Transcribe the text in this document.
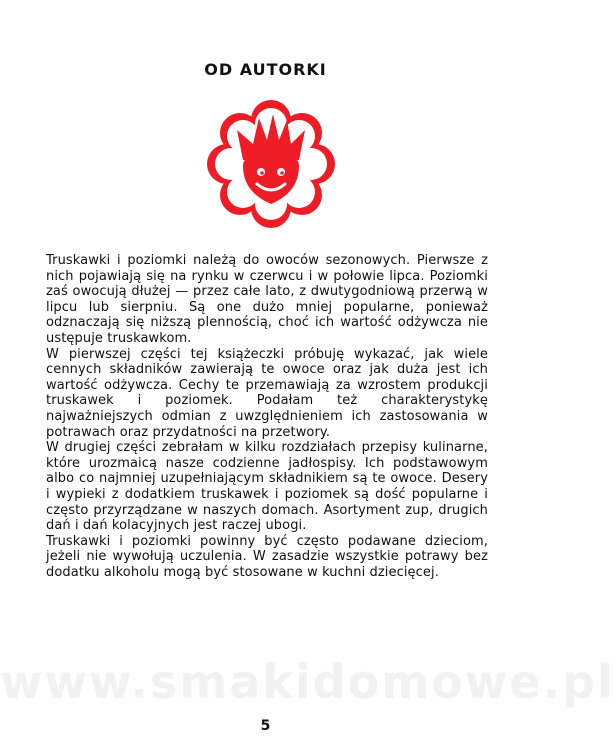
OD AUTORKI
www.smakidomowe.pl

Truskawki i poziomki należą do owoców sezonowych. Pierwsze z nich pojawiają się na rynku w czerwcu i w połowie lipca. Poziomki zaś owocują dłużej — przez całe lato, z dwutygodniową przerwą w lipcu lub sierpniu. Są one dużo mniej popularne, ponieważ odznaczają się niższą plennością, choć ich wartość odżywcza nie ustępuje truskawkom.

W pierwszej części tej książeczki próbuję wykazać, jak wiele cennych składników zawierają te owoce oraz jak duża jest ich wartość odżywcza. Cechy te przemawiają za wzrostem produkcji truskawek i poziomek. Podałam też charakterystykę najważniejszych odmian z uwzględnieniem ich zastosowania w potrawach oraz przydatności na przetwory.

W drugiej części zebrałam w kilku rozdziałach przepisy kulinarne, które urozmaicą nasze codzienne jadłospisy. Ich podstawowym albo co najmniej uzupełniającym składnikiem są te owoce. Desery i wypieki z dodatkiem truskawek i poziomek są dość popularne i często przyrządzane w naszych domach. Asortyment zup, drugich dań i dań kolacyjnych jest raczej ubogi.

Truskawki i poziomki powinny być często podawane dzieciom, jeżeli nie wywołują uczulenia. W zasadzie wszystkie potrawy bez dodatku alkoholu mogą być stosowane w kuchni dziecięcej.

5
